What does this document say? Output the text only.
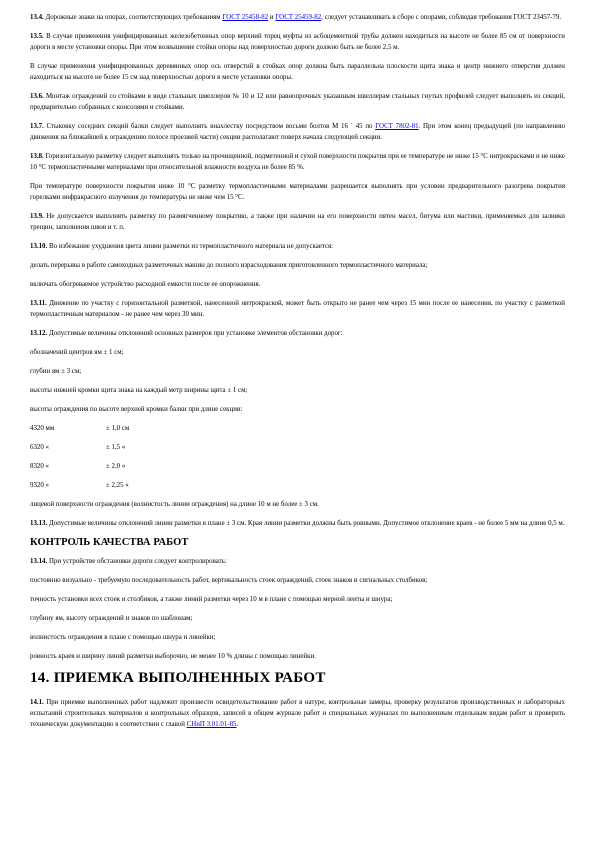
13.4. Дорожные знаки на опорах, соответствующих требованиям ГОСТ 25458-82 и ГОСТ 25459-82, следует устанавливать в сборе с опорами, соблюдая требования ГОСТ 23457-79.

13.5. В случае применения унифицированных железобетонных опор верхний торец муфты из асбоцементной трубы должен находиться на высоте не более 85 см от поверхности дороги в месте установки опоры. При этом возвышение стойки опоры над поверхностью дороги должно быть не более 2,5 м.

В случае применения унифицированных деревянных опор ось отверстий в стойках опор должна быть параллельна плоскости щита знака и центр нижнего отверстия должен находиться на высоте не более 15 см над поверхностью дороги в месте установки опоры.

13.6. Монтаж ограждений со стойками в виде стальных швеллеров № 10 и 12 или равнопрочных указанным швеллерам стальных гнутых профилей следует выполнять из секций, предварительно собранных с консолями и стойками.

13.7. Стыковку соседних секций балки следует выполнять внахлестку посредством восьми болтов М 16 ´ 45 по ГОСТ 7802-81. При этом конец предыдущей (по направлению движения на ближайшей к ограждению полосе проезжей части) секции располагают поверх начала следующей секции.

13.8. Горизонтальную разметку следует выполнять только на прочищенной, подметенной и сухой поверхности покрытия при ее температуре не ниже 15 °С нитрокрасками и не ниже 10 °С термопластичными материалами при относительной влажности воздуха не более 85 %.

При температуре поверхности покрытия ниже 10 °С разметку термопластичными материалами разрешается выполнять при условии предварительного разогрева покрытия горелками инфракрасного излучения до температуры не ниже чем 15 °С.

13.9. Не допускается выполнять разметку по размягченному покрытию, а также при наличии на его поверхности пятен масел, битума или мастики, применяемых для заливки трещин, заполнения швов и т. п.

13.10. Во избежание ухудшения цвета линии разметки из термопластичного материала не допускается:

делать перерывы в работе самоходных разметочных машин до полного израсходования приготовленного термопластичного материала;

включать обогреваемое устройство расходной емкости после ее опорожнения.

13.11. Движение по участку с горизонтальной разметкой, нанесенной нитрокраской, может быть открыто не ранее чем через 15 мин после ее нанесения, по участку с разметкой термопластичным материалом - не ранее чем через 30 мин.

13.12. Допустимые величины отклонений основных размеров при установке элементов обстановки дорог:

обозначений центров ям ± 1 см;

глубин ям ± 3 см;

высоты нижней кромки щита знака на каждый метр ширины щита ± 1 см;

высоты ограждения по высоте верхней кромки балки при длине секции:

4320 мм	± 1,0 см
6320 «	± 1,5 «
8320 «	± 2,0 «
9320 «	± 2,25 «

лицевой поверхности ограждения (волнистость линии ограждения) на длине 10 м не более ± 3 см.

13.13. Допустимые величины отклонений линии разметки в плане ± 3 см. Края линии разметки должны быть ровными. Допустимое отклонение краев - не более 5 мм на длине 0,5 м.

КОНТРОЛЬ КАЧЕСТВА РАБОТ

13.14. При устройстве обстановки дороги следует контролировать:

постоянно визуально - требуемую последовательность работ, вертикальность стоек ограждений, стоек знаков и сигнальных столбиков;

точность установки всех стоек и столбиков, а также линий разметки через 10 м в плане с помощью мерной ленты и шнура;

глубину ям, высоту ограждений и знаков по шаблонам;

волнистость ограждения в плане с помощью шнура и линейки;

ровность краев и ширину линий разметки выборочно, не менее 10 % длины с помощью линейки.

14. ПРИЕМКА ВЫПОЛНЕННЫХ РАБОТ

14.1. При приемке выполненных работ надлежит произвести освидетельствование работ в натуре, контрольные замеры, проверку результатов производственных и лабораторных испытаний строительных материалов и контрольных образцов, записей в общем журнале работ и специальных журналах по выполненным отдельным видам работ и проверить техническую документацию в соответствии с главой СНиП 3.01.01-85.
